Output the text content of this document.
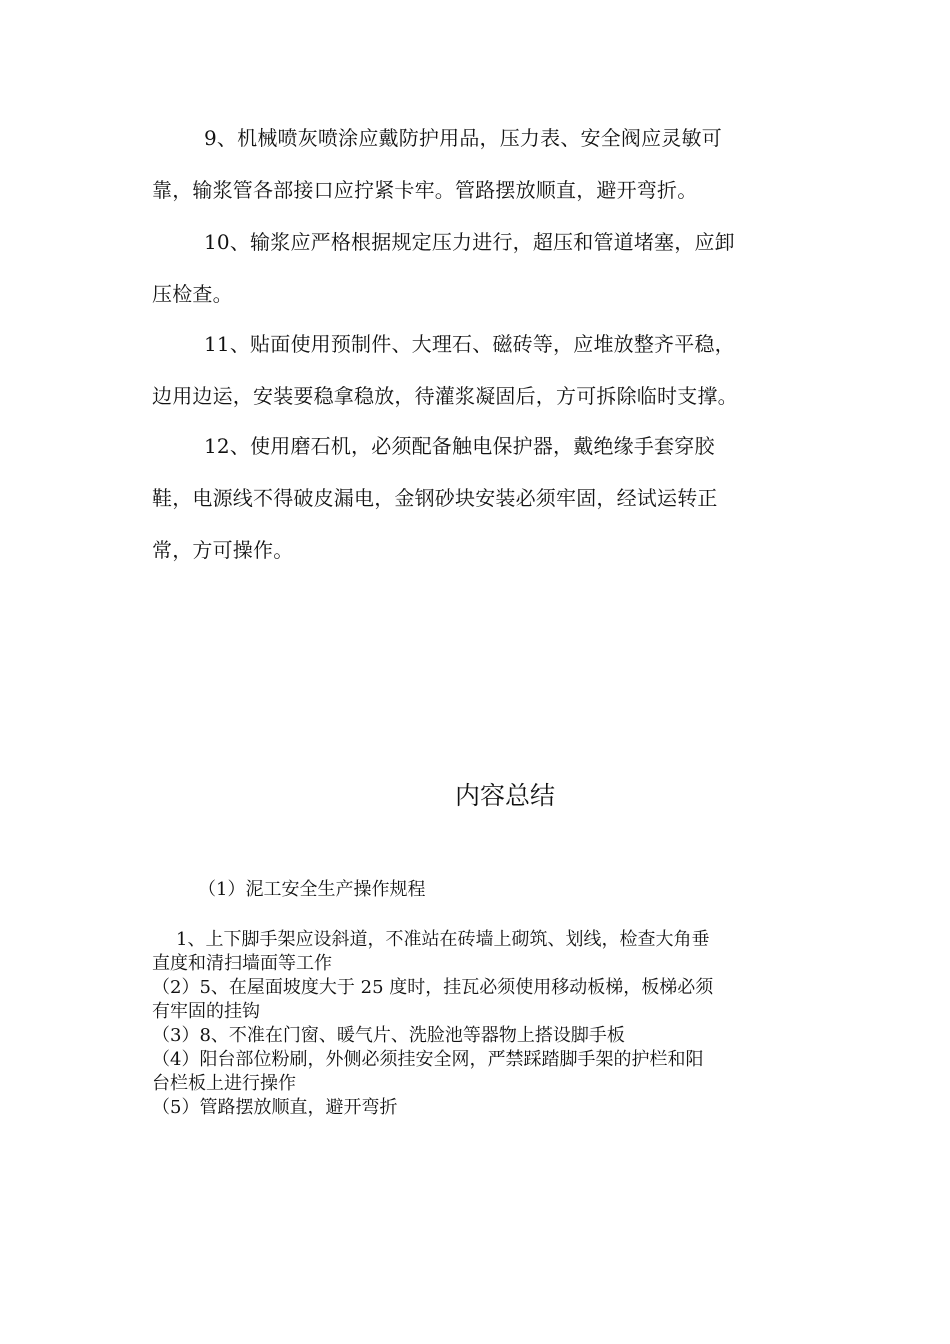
9、机械喷灰喷涂应戴防护用品，压力表、安全阀应灵敏可
靠，输浆管各部接口应拧紧卡牢。管路摆放顺直，避开弯折。
10、输浆应严格根据规定压力进行，超压和管道堵塞，应卸
压检查。
11、贴面使用预制件、大理石、磁砖等，应堆放整齐平稳，
边用边运，安装要稳拿稳放，待灌浆凝固后，方可拆除临时支撑。
12、使用磨石机，必须配备触电保护器，戴绝缘手套穿胶
鞋，电源线不得破皮漏电，金钢砂块安装必须牢固，经试运转正
常，方可操作。
内容总结
（1）泥工安全生产操作规程
1、上下脚手架应设斜道，不准站在砖墙上砌筑、划线，检查大角垂
直度和清扫墙面等工作
（2）5、在屋面坡度大于 25 度时，挂瓦必须使用移动板梯，板梯必须
有牢固的挂钩
（3）8、不准在门窗、暖气片、洗脸池等器物上搭设脚手板
（4）阳台部位粉刷，外侧必须挂安全网，严禁踩踏脚手架的护栏和阳
台栏板上进行操作
（5）管路摆放顺直，避开弯折
